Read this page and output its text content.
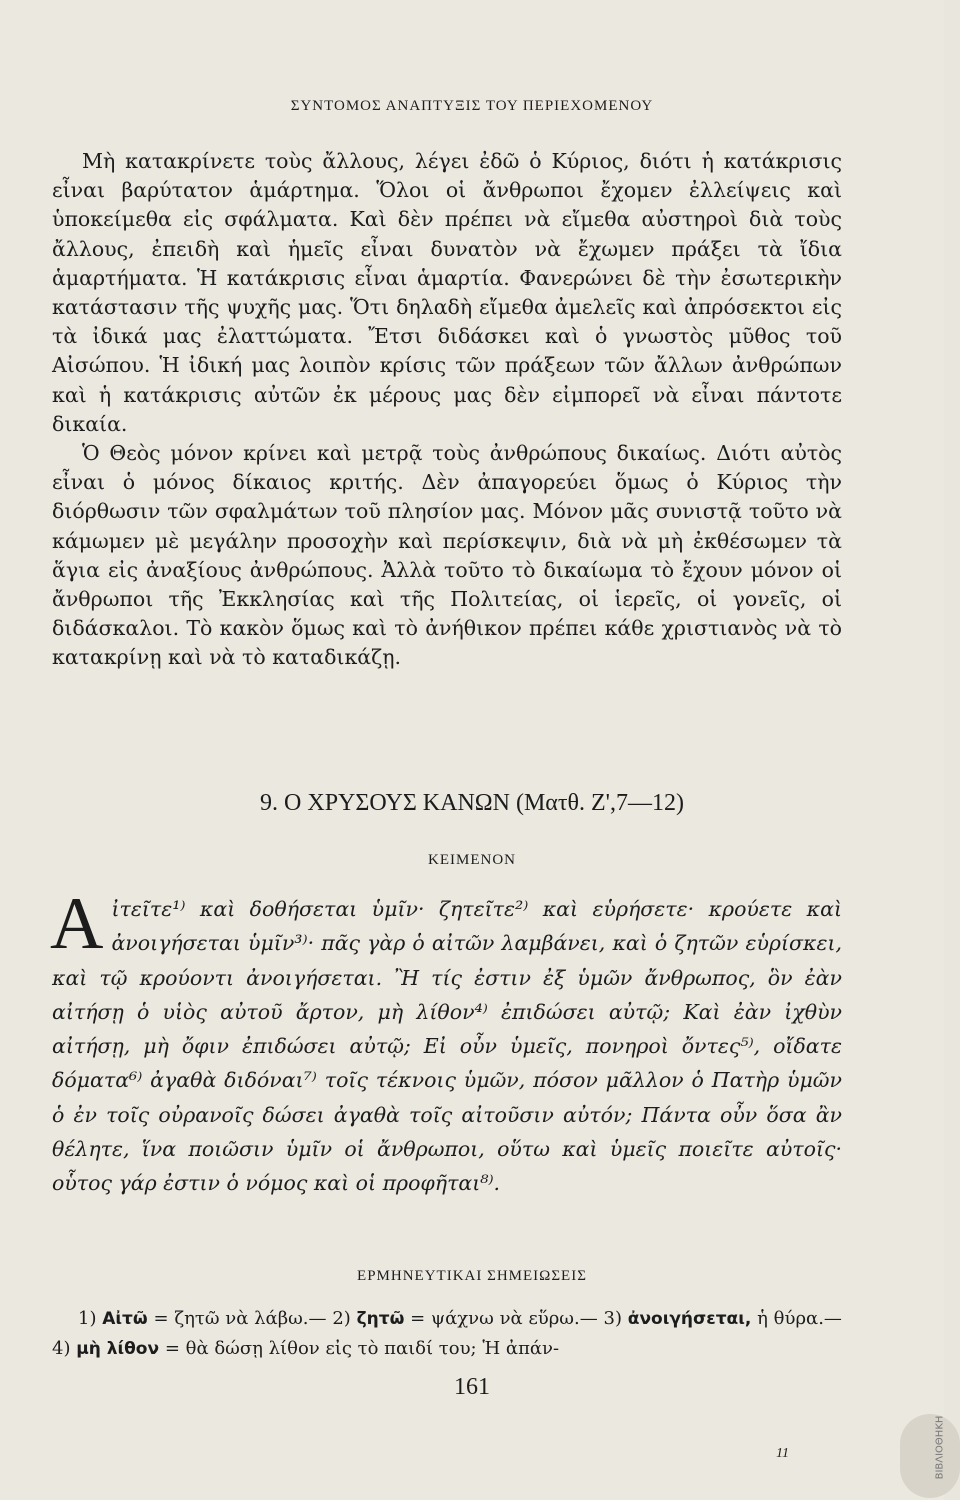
ΣΥΝΤΟΜΟΣ ΑΝΑΠΤΥΞΙΣ ΤΟΥ ΠΕΡΙΕΧΟΜΕΝΟΥ

Μὴ κατακρίνετε τοὺς ἄλλους, λέγει ἐδῶ ὁ Κύριος, διότι ἡ κατάκρισις εἶναι βαρύτατον ἁμάρτημα. Ὅλοι οἱ ἄνθρωποι ἔχομεν ἐλλείψεις καὶ ὑποκείμεθα εἰς σφάλματα. Καὶ δὲν πρέπει νὰ εἴμεθα αὐστηροὶ διὰ τοὺς ἄλλους, ἐπειδὴ καὶ ἡμεῖς εἶναι δυνατὸν νὰ ἔχωμεν πράξει τὰ ἴδια ἁμαρτήματα. Ἡ κατάκρισις εἶναι ἁμαρτία. Φανερώνει δὲ τὴν ἐσωτερικὴν κατάστασιν τῆς ψυχῆς μας. Ὅτι δηλαδὴ εἴμεθα ἀμελεῖς καὶ ἀπρόσεκτοι εἰς τὰ ἰδικά μας ἐλαττώματα. Ἔτσι διδάσκει καὶ ὁ γνωστὸς μῦθος τοῦ Αἰσώπου. Ἡ ἰδική μας λοιπὸν κρίσις τῶν πράξεων τῶν ἄλλων ἀνθρώπων καὶ ἡ κατάκρισις αὐτῶν ἐκ μέρους μας δὲν εἰμπορεῖ νὰ εἶναι πάντοτε δικαία.

Ὁ Θεὸς μόνον κρίνει καὶ μετρᾷ τοὺς ἀνθρώπους δικαίως. Διότι αὐτὸς εἶναι ὁ μόνος δίκαιος κριτής. Δὲν ἀπαγορεύει ὅμως ὁ Κύριος τὴν διόρθωσιν τῶν σφαλμάτων τοῦ πλησίον μας. Μόνον μᾶς συνιστᾷ τοῦτο νὰ κάμωμεν μὲ μεγάλην προσοχὴν καὶ περίσκεψιν, διὰ νὰ μὴ ἐκθέσωμεν τὰ ἅγια εἰς ἀναξίους ἀνθρώπους. Ἀλλὰ τοῦτο τὸ δικαίωμα τὸ ἔχουν μόνον οἱ ἄνθρωποι τῆς Ἐκκλησίας καὶ τῆς Πολιτείας, οἱ ἱερεῖς, οἱ γονεῖς, οἱ διδάσκαλοι. Τὸ κακὸν ὅμως καὶ τὸ ἀνήθικον πρέπει κάθε χριστιανὸς νὰ τὸ κατακρίνῃ καὶ νὰ τὸ καταδικάζῃ.

9. Ο ΧΡΥΣΟΥΣ ΚΑΝΩΝ (Ματθ. Ζ',7—12)
ΚΕΙΜΕΝΟΝ
Αἰτεῖτε¹⁾ καὶ δοθήσεται ὑμῖν· ζητεῖτε²⁾ καὶ εὑρήσετε· κρούετε καὶ ἀνοιγήσεται ὑμῖν³⁾· πᾶς γὰρ ὁ αἰτῶν λαμβάνει, καὶ ὁ ζητῶν εὑρίσκει, καὶ τῷ κρούοντι ἀνοιγήσεται. Ἢ τίς ἐστιν ἐξ ὑμῶν ἄνθρωπος, ὃν ἐὰν αἰτήσῃ ὁ υἱὸς αὐτοῦ ἄρτον, μὴ λίθον⁴⁾ ἐπιδώσει αὐτῷ; Καὶ ἐὰν ἰχθὺν αἰτήσῃ, μὴ ὄφιν ἐπιδώσει αὐτῷ; Εἰ οὖν ὑμεῖς, πονηροὶ ὄντες⁵⁾, οἴδατε δόματα⁶⁾ ἀγαθὰ διδόναι⁷⁾ τοῖς τέκνοις ὑμῶν, πόσον μᾶλλον ὁ Πατὴρ ὑμῶν ὁ ἐν τοῖς οὐρανοῖς δώσει ἀγαθὰ τοῖς αἰτοῦσιν αὐτόν; Πάντα οὖν ὅσα ἂν θέλητε, ἵνα ποιῶσιν ὑμῖν οἱ ἄνθρωποι, οὕτω καὶ ὑμεῖς ποιεῖτε αὐτοῖς· οὗτος γάρ ἐστιν ὁ νόμος καὶ οἱ προφῆται⁸⁾.
ΕΡΜΗΝΕΥΤΙΚΑΙ ΣΗΜΕΙΩΣΕΙΣ
1) Αἰτῶ = ζητῶ νὰ λάβω.— 2) ζητῶ = ψάχνω νὰ εὕρω.— 3) ἀνοιγήσεται, ἡ θύρα.— 4) μὴ λίθον = θὰ δώσῃ λίθον εἰς τὸ παιδί του; Ἡ ἀπάν-
161
11	ΒΙΒΛΙΟΘΗΚΗ
